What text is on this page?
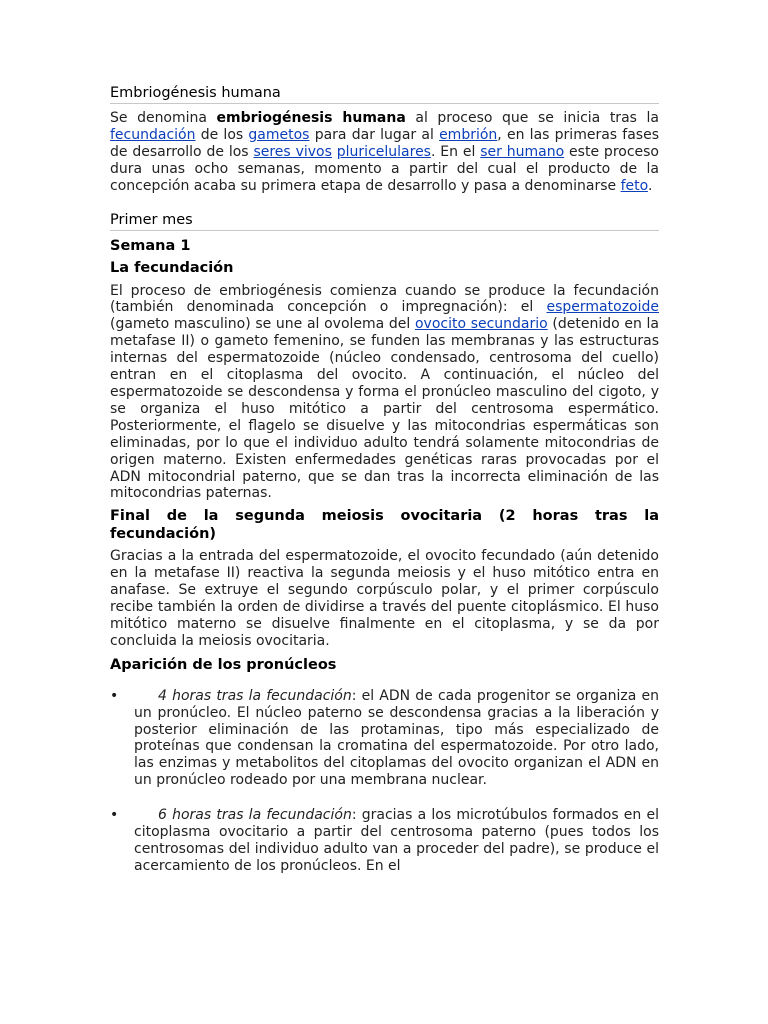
Embriogénesis humana

Se denomina embriogénesis humana al proceso que se inicia tras la fecundación de los gametos para dar lugar al embrión, en las primeras fases de desarrollo de los seres vivos pluricelulares. En el ser humano este proceso dura unas ocho semanas, momento a partir del cual el producto de la concepción acaba su primera etapa de desarrollo y pasa a denominarse feto.

Primer mes
Semana 1
La fecundación

El proceso de embriogénesis comienza cuando se produce la fecundación (también denominada concepción o impregnación): el espermatozoide (gameto masculino) se une al ovolema del ovocito secundario (detenido en la metafase II) o gameto femenino, se funden las membranas y las estructuras internas del espermatozoide (núcleo condensado, centrosoma del cuello) entran en el citoplasma del ovocito. A continuación, el núcleo del espermatozoide se descondensa y forma el pronúcleo masculino del cigoto, y se organiza el huso mitótico a partir del centrosoma espermático. Posteriormente, el flagelo se disuelve y las mitocondrias espermáticas son eliminadas, por lo que el individuo adulto tendrá solamente mitocondrias de origen materno. Existen enfermedades genéticas raras provocadas por el ADN mitocondrial paterno, que se dan tras la incorrecta eliminación de las mitocondrias paternas.

Final de la segunda meiosis ovocitaria (2 horas tras la fecundación)

Gracias a la entrada del espermatozoide, el ovocito fecundado (aún detenido en la metafase II) reactiva la segunda meiosis y el huso mitótico entra en anafase. Se extruye el segundo corpúsculo polar, y el primer corpúsculo recibe también la orden de dividirse a través del puente citoplásmico. El huso mitótico materno se disuelve finalmente en el citoplasma, y se da por concluida la meiosis ovocitaria.

Aparición de los pronúcleos
•	4 horas tras la fecundación: el ADN de cada progenitor se organiza en un pronúcleo. El núcleo paterno se descondensa gracias a la liberación y posterior eliminación de las protaminas, tipo más especializado de proteínas que condensan la cromatina del espermatozoide. Por otro lado, las enzimas y metabolitos del citoplamas del ovocito organizan el ADN en un pronúcleo rodeado por una membrana nuclear.

•	6 horas tras la fecundación: gracias a los microtúbulos formados en el citoplasma ovocitario a partir del centrosoma paterno (pues todos los centrosomas del individuo adulto van a proceder del padre), se produce el acercamiento de los pronúcleos. En el
